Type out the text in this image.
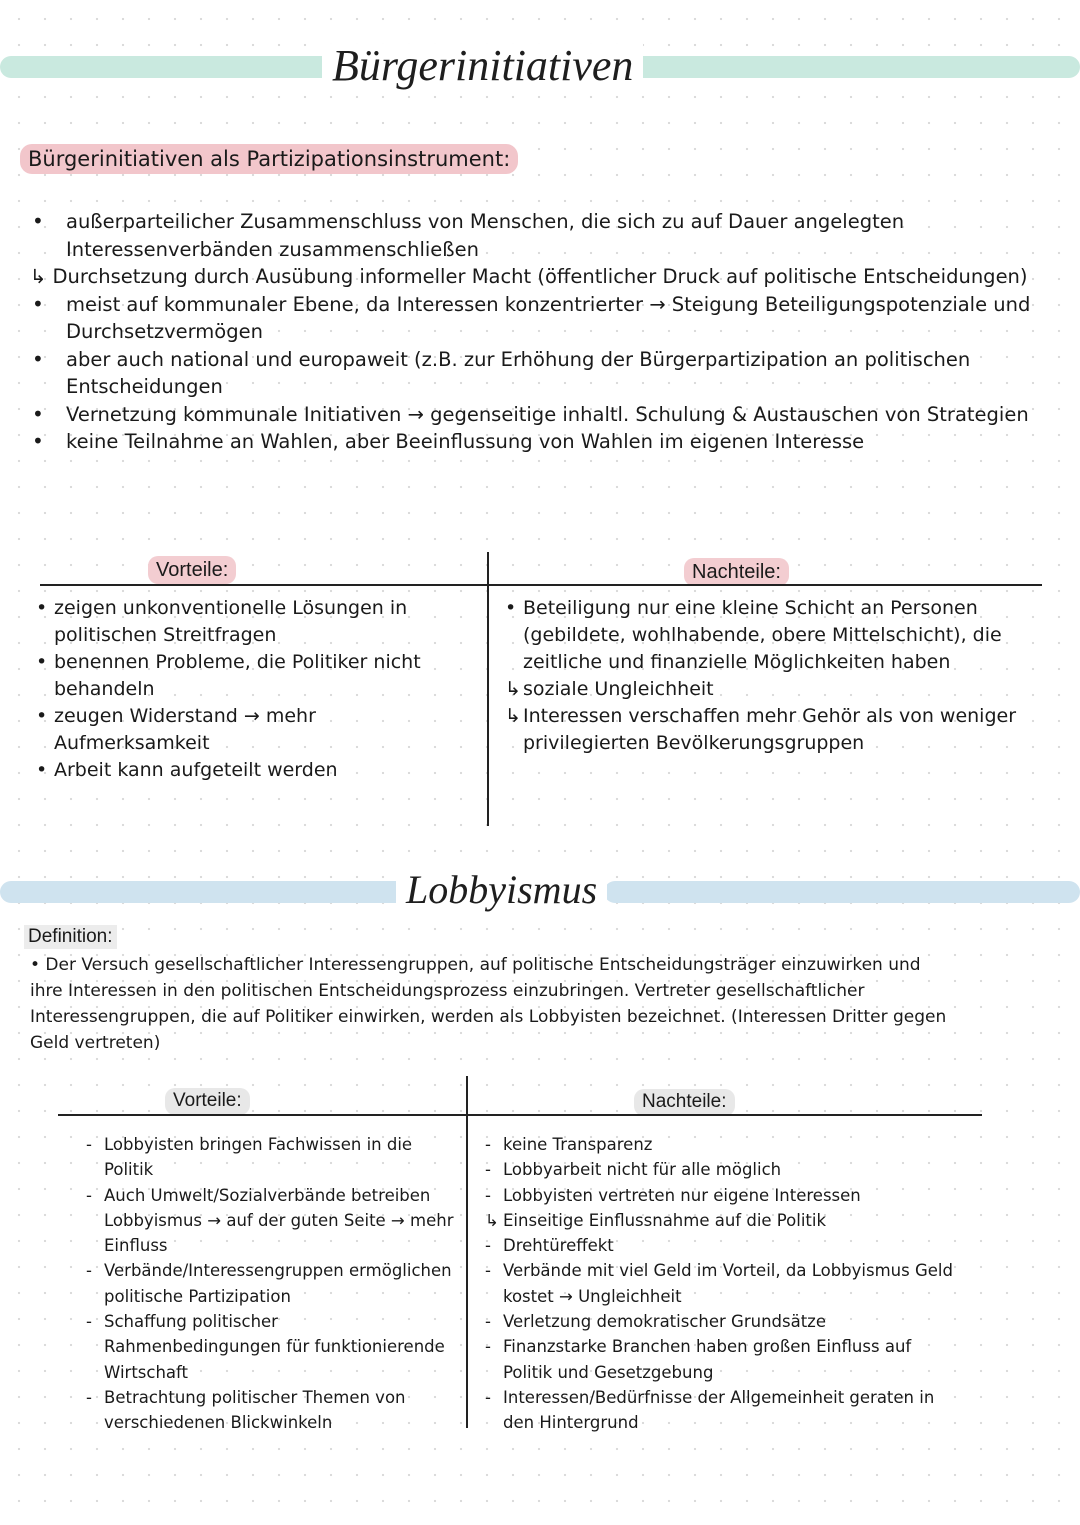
Bürgerinitiativen
Bürgerinitiativen als Partizipationsinstrument:
• außerparteilicher Zusammenschluss von Menschen, die sich zu auf Dauer angelegten Interessenverbänden zusammenschließen
↳ Durchsetzung durch Ausübung informeller Macht (öffentlicher Druck auf politische Entscheidungen)
• meist auf kommunaler Ebene, da Interessen konzentrierter → Steigung Beteiligungspotenziale und Durchsetzvermögen
• aber auch national und europaweit (z.B. zur Erhöhung der Bürgerpartizipation an politischen Entscheidungen
• Vernetzung kommunale Initiativen → gegenseitige inhaltl. Schulung & Austauschen von Strategien
• keine Teilnahme an Wahlen, aber Beeinflussung von Wahlen im eigenen Interesse
Vorteile:	Nachteile:
• zeigen unkonventionelle Lösungen in politischen Streitfragen
• benennen Probleme, die Politiker nicht behandeln
• zeugen Widerstand → mehr Aufmerksamkeit
• Arbeit kann aufgeteilt werden
• Beteiligung nur eine kleine Schicht an Personen (gebildete, wohlhabende, obere Mittelschicht), die zeitliche und finanzielle Möglichkeiten haben
↳ soziale Ungleichheit
↳ Interessen verschaffen mehr Gehör als von weniger privilegierten Bevölkerungsgruppen
Lobbyismus
Definition:
• Der Versuch gesellschaftlicher Interessengruppen, auf politische Entscheidungsträger einzuwirken und ihre Interessen in den politischen Entscheidungsprozess einzubringen. Vertreter gesellschaftlicher Interessengruppen, die auf Politiker einwirken, werden als Lobbyisten bezeichnet. (Interessen Dritter gegen Geld vertreten)
Vorteile:	Nachteile:
- Lobbyisten bringen Fachwissen in die Politik
- Auch Umwelt/Sozialverbände betreiben Lobbyismus → auf der guten Seite → mehr Einfluss
- Verbände/Interessengruppen ermöglichen politische Partizipation
- Schaffung politischer Rahmenbedingungen für funktionierende Wirtschaft
- Betrachtung politischer Themen von verschiedenen Blickwinkeln
- keine Transparenz
- Lobbyarbeit nicht für alle möglich
- Lobbyisten vertreten nur eigene Interessen
↳ Einseitige Einflussnahme auf die Politik
- Drehtüreffekt
- Verbände mit viel Geld im Vorteil, da Lobbyismus Geld kostet → Ungleichheit
- Verletzung demokratischer Grundsätze
- Finanzstarke Branchen haben großen Einfluss auf Politik und Gesetzgebung
- Interessen/Bedürfnisse der Allgemeinheit geraten in den Hintergrund
